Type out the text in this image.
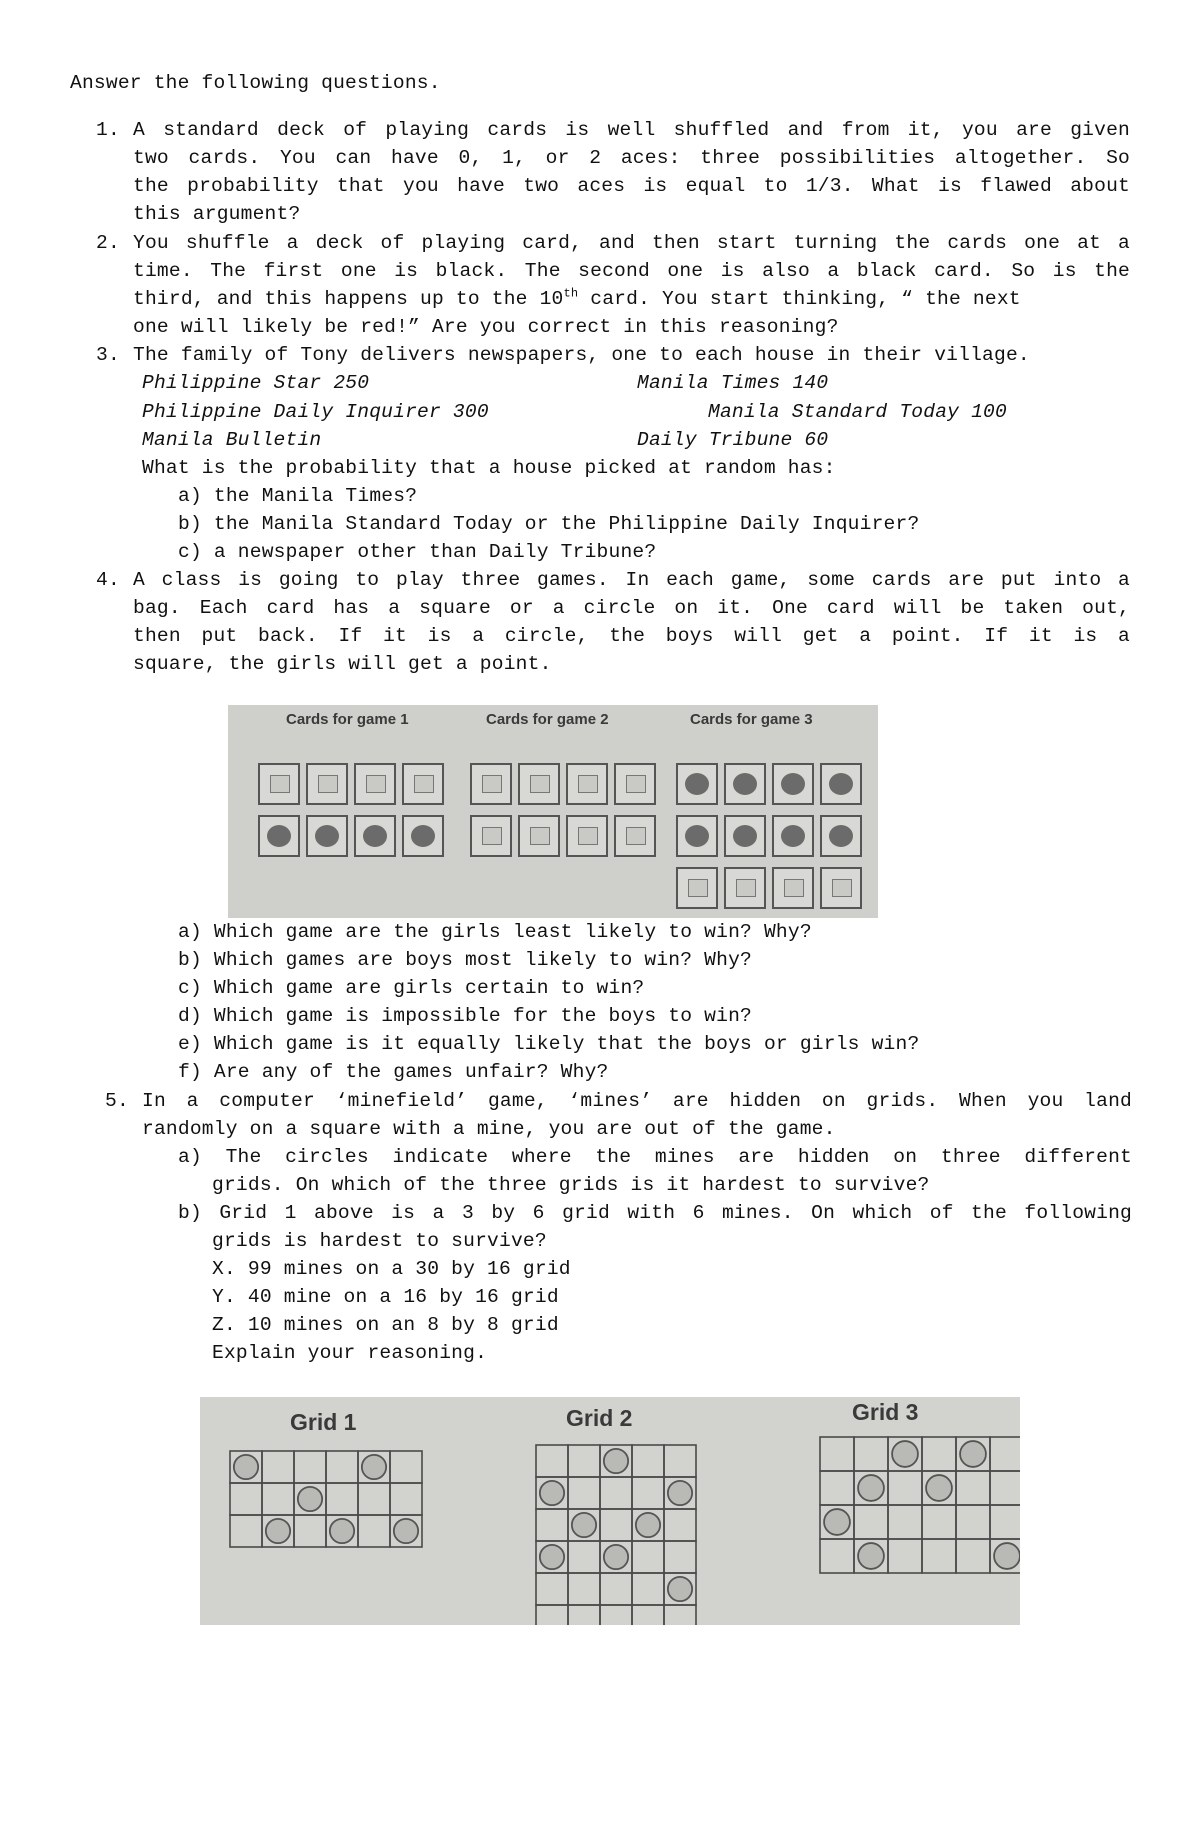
Answer the following questions.
1. A standard deck of playing cards is well shuffled and from it, you are given
two cards. You can have 0, 1, or 2 aces: three possibilities altogether. So
the probability that you have two aces is equal to 1/3. What is flawed about
this argument?
2. You shuffle a deck of playing card, and then start turning the cards one at a
time. The first one is black. The second one is also a black card. So is the
third, and this happens up to the 10th card. You start thinking, “ the next
one will likely be red!” Are you correct in this reasoning?
3. The family of Tony delivers newspapers, one to each house in their village.
Philippine Star 250	Manila Times 140
Philippine Daily Inquirer 300	Manila Standard Today 100
Manila Bulletin	Daily Tribune 60
What is the probability that a house picked at random has:
a) the Manila Times?
b) the Manila Standard Today or the Philippine Daily Inquirer?
c) a newspaper other than Daily Tribune?
4. A class is going to play three games. In each game, some cards are put into a
bag. Each card has a square or a circle on it. One card will be taken out,
then put back. If it is a circle, the boys will get a point. If it is a
square, the girls will get a point.
Cards for game 1	Cards for game 2	Cards for game 3
a) Which game are the girls least likely to win? Why?
b) Which games are boys most likely to win? Why?
c) Which game are girls certain to win?
d) Which game is impossible for the boys to win?
e) Which game is it equally likely that the boys or girls win?
f) Are any of the games unfair? Why?
5. In a computer ‘minefield’ game, ‘mines’ are hidden on grids. When you land
randomly on a square with a mine, you are out of the game.
a) The circles indicate where the mines are hidden on three different
grids. On which of the three grids is it hardest to survive?
b) Grid 1 above is a 3 by 6 grid with 6 mines. On which of the following
grids is hardest to survive?
X. 99 mines on a 30 by 16 grid
Y. 40 mine on a 16 by 16 grid
Z. 10 mines on an 8 by 8 grid
Explain your reasoning.
Grid 1	Grid 2	Grid 3
